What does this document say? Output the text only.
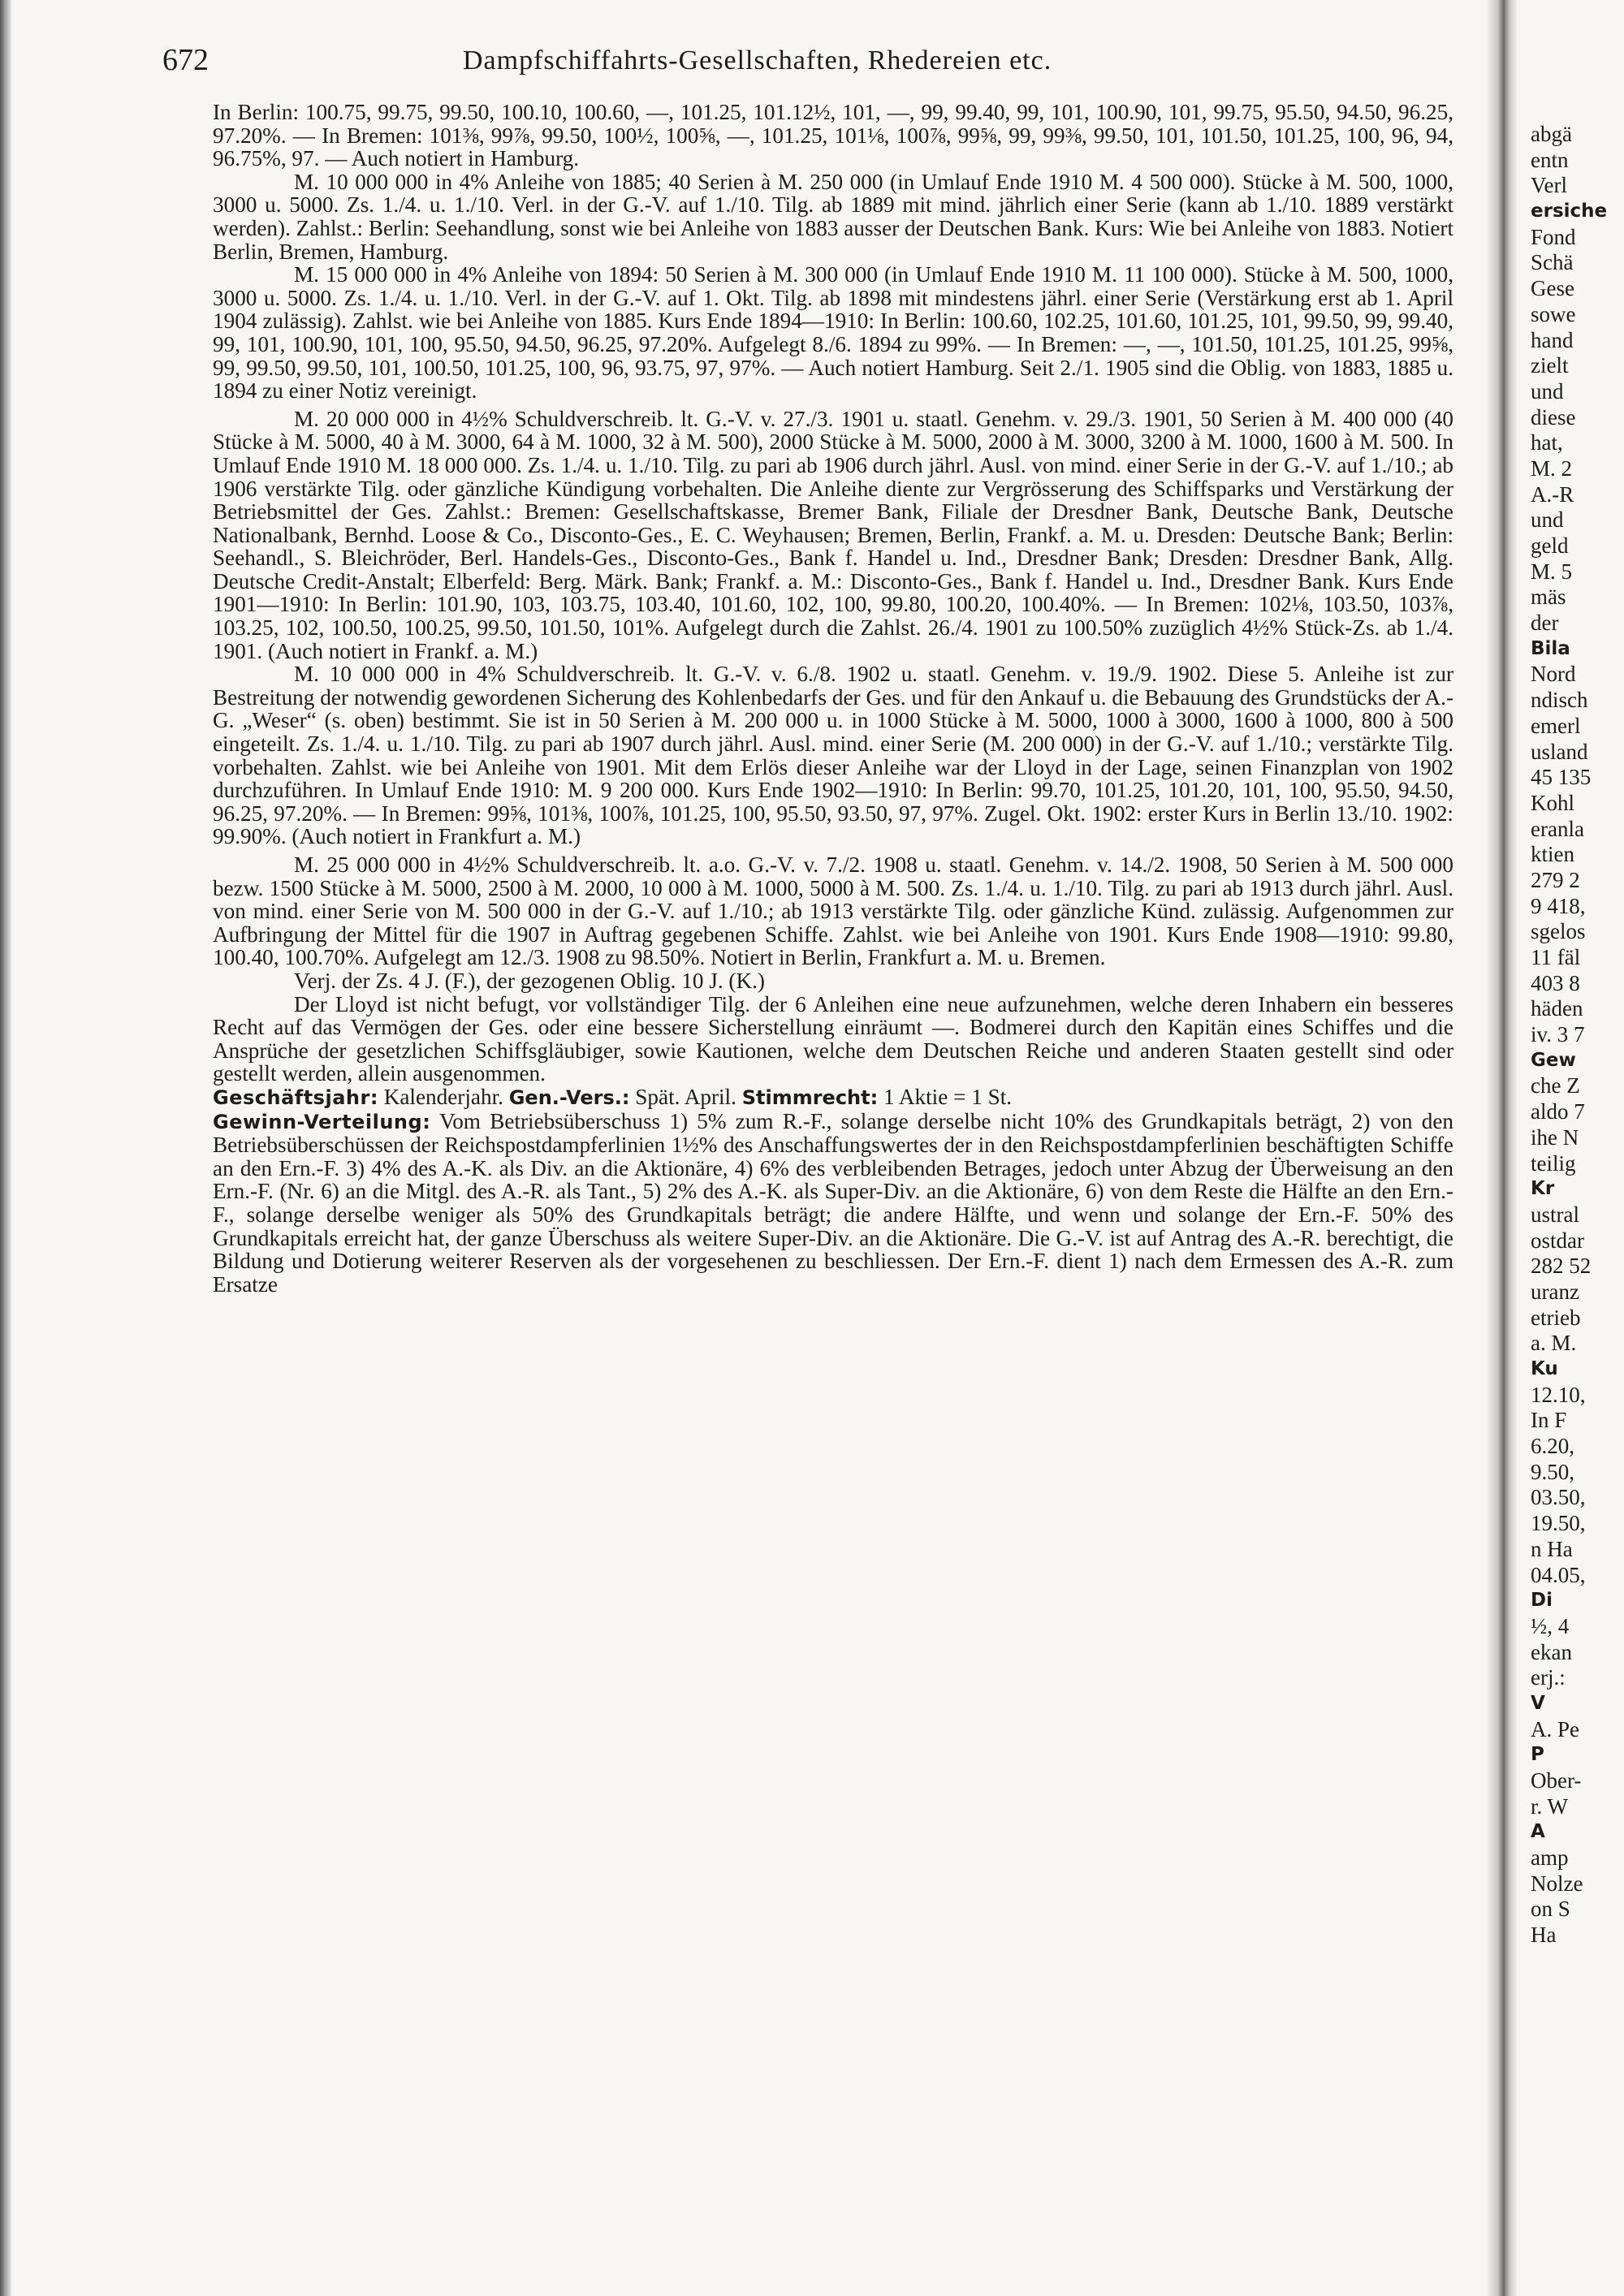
672	Dampfschiffahrts-Gesellschaften, Rhedereien etc.

In Berlin: 100.75, 99.75, 99.50, 100.10, 100.60, —, 101.25, 101.12½, 101, —, 99, 99.40, 99, 101, 100.90, 101, 99.75, 95.50, 94.50, 96.25, 97.20%. — In Bremen: 101⅜, 99⅞, 99.50, 100½, 100⅝, —, 101.25, 101⅛, 100⅞, 99⅝, 99, 99⅜, 99.50, 101, 101.50, 101.25, 100, 96, 94, 96.75%, 97. — Auch notiert in Hamburg.

M. 10 000 000 in 4% Anleihe von 1885; 40 Serien à M. 250 000 (in Umlauf Ende 1910 M. 4 500 000). Stücke à M. 500, 1000, 3000 u. 5000. Zs. 1./4. u. 1./10. Verl. in der G.-V. auf 1./10. Tilg. ab 1889 mit mind. jährlich einer Serie (kann ab 1./10. 1889 verstärkt werden). Zahlst.: Berlin: Seehandlung, sonst wie bei Anleihe von 1883 ausser der Deutschen Bank. Kurs: Wie bei Anleihe von 1883. Notiert Berlin, Bremen, Hamburg.

M. 15 000 000 in 4% Anleihe von 1894: 50 Serien à M. 300 000 (in Umlauf Ende 1910 M. 11 100 000). Stücke à M. 500, 1000, 3000 u. 5000. Zs. 1./4. u. 1./10. Verl. in der G.-V. auf 1. Okt. Tilg. ab 1898 mit mindestens jährl. einer Serie (Verstärkung erst ab 1. April 1904 zulässig). Zahlst. wie bei Anleihe von 1885. Kurs Ende 1894—1910: In Berlin: 100.60, 102.25, 101.60, 101.25, 101, 99.50, 99, 99.40, 99, 101, 100.90, 101, 100, 95.50, 94.50, 96.25, 97.20%. Aufgelegt 8./6. 1894 zu 99%. — In Bremen: —, —, 101.50, 101.25, 101.25, 99⅝, 99, 99.50, 99.50, 101, 100.50, 101.25, 100, 96, 93.75, 97, 97%. — Auch notiert Hamburg. Seit 2./1. 1905 sind die Oblig. von 1883, 1885 u. 1894 zu einer Notiz vereinigt.

M. 20 000 000 in 4½% Schuldverschreib. lt. G.-V. v. 27./3. 1901 u. staatl. Genehm. v. 29./3. 1901, 50 Serien à M. 400 000 (40 Stücke à M. 5000, 40 à M. 3000, 64 à M. 1000, 32 à M. 500), 2000 Stücke à M. 5000, 2000 à M. 3000, 3200 à M. 1000, 1600 à M. 500. In Umlauf Ende 1910 M. 18 000 000. Zs. 1./4. u. 1./10. Tilg. zu pari ab 1906 durch jährl. Ausl. von mind. einer Serie in der G.-V. auf 1./10.; ab 1906 verstärkte Tilg. oder gänzliche Kündigung vorbehalten. Die Anleihe diente zur Vergrösserung des Schiffsparks und Verstärkung der Betriebsmittel der Ges. Zahlst.: Bremen: Gesellschaftskasse, Bremer Bank, Filiale der Dresdner Bank, Deutsche Bank, Deutsche Nationalbank, Bernhd. Loose & Co., Disconto-Ges., E. C. Weyhausen; Bremen, Berlin, Frankf. a. M. u. Dresden: Deutsche Bank; Berlin: Seehandl., S. Bleichröder, Berl. Handels-Ges., Disconto-Ges., Bank f. Handel u. Ind., Dresdner Bank; Dresden: Dresdner Bank, Allg. Deutsche Credit-Anstalt; Elberfeld: Berg. Märk. Bank; Frankf. a. M.: Disconto-Ges., Bank f. Handel u. Ind., Dresdner Bank. Kurs Ende 1901—1910: In Berlin: 101.90, 103, 103.75, 103.40, 101.60, 102, 100, 99.80, 100.20, 100.40%. — In Bremen: 102⅛, 103.50, 103⅞, 103.25, 102, 100.50, 100.25, 99.50, 101.50, 101%. Aufgelegt durch die Zahlst. 26./4. 1901 zu 100.50% zuzüglich 4½% Stück-Zs. ab 1./4. 1901. (Auch notiert in Frankf. a. M.)

M. 10 000 000 in 4% Schuldverschreib. lt. G.-V. v. 6./8. 1902 u. staatl. Genehm. v. 19./9. 1902. Diese 5. Anleihe ist zur Bestreitung der notwendig gewordenen Sicherung des Kohlenbedarfs der Ges. und für den Ankauf u. die Bebauung des Grundstücks der A.-G. „Weser“ (s. oben) bestimmt. Sie ist in 50 Serien à M. 200 000 u. in 1000 Stücke à M. 5000, 1000 à 3000, 1600 à 1000, 800 à 500 eingeteilt. Zs. 1./4. u. 1./10. Tilg. zu pari ab 1907 durch jährl. Ausl. mind. einer Serie (M. 200 000) in der G.-V. auf 1./10.; verstärkte Tilg. vorbehalten. Zahlst. wie bei Anleihe von 1901. Mit dem Erlös dieser Anleihe war der Lloyd in der Lage, seinen Finanzplan von 1902 durchzuführen. In Umlauf Ende 1910: M. 9 200 000. Kurs Ende 1902—1910: In Berlin: 99.70, 101.25, 101.20, 101, 100, 95.50, 94.50, 96.25, 97.20%. — In Bremen: 99⅝, 101⅜, 100⅞, 101.25, 100, 95.50, 93.50, 97, 97%. Zugel. Okt. 1902: erster Kurs in Berlin 13./10. 1902: 99.90%. (Auch notiert in Frankfurt a. M.)

M. 25 000 000 in 4½% Schuldverschreib. lt. a.o. G.-V. v. 7./2. 1908 u. staatl. Genehm. v. 14./2. 1908, 50 Serien à M. 500 000 bezw. 1500 Stücke à M. 5000, 2500 à M. 2000, 10 000 à M. 1000, 5000 à M. 500. Zs. 1./4. u. 1./10. Tilg. zu pari ab 1913 durch jährl. Ausl. von mind. einer Serie von M. 500 000 in der G.-V. auf 1./10.; ab 1913 verstärkte Tilg. oder gänzliche Künd. zulässig. Aufgenommen zur Aufbringung der Mittel für die 1907 in Auftrag gegebenen Schiffe. Zahlst. wie bei Anleihe von 1901. Kurs Ende 1908—1910: 99.80, 100.40, 100.70%. Aufgelegt am 12./3. 1908 zu 98.50%. Notiert in Berlin, Frankfurt a. M. u. Bremen.

Verj. der Zs. 4 J. (F.), der gezogenen Oblig. 10 J. (K.)

Der Lloyd ist nicht befugt, vor vollständiger Tilg. der 6 Anleihen eine neue aufzunehmen, welche deren Inhabern ein besseres Recht auf das Vermögen der Ges. oder eine bessere Sicherstellung einräumt —. Bodmerei durch den Kapitän eines Schiffes und die Ansprüche der gesetzlichen Schiffsgläubiger, sowie Kautionen, welche dem Deutschen Reiche und anderen Staaten gestellt sind oder gestellt werden, allein ausgenommen.

Geschäftsjahr: Kalenderjahr. Gen.-Vers.: Spät. April. Stimmrecht: 1 Aktie = 1 St.

Gewinn-Verteilung: Vom Betriebsüberschuss 1) 5% zum R.-F., solange derselbe nicht 10% des Grundkapitals beträgt, 2) von den Betriebsüberschüssen der Reichspostdampferlinien 1½% des Anschaffungswertes der in den Reichspostdampferlinien beschäftigten Schiffe an den Ern.-F. 3) 4% des A.-K. als Div. an die Aktionäre, 4) 6% des verbleibenden Betrages, jedoch unter Abzug der Überweisung an den Ern.-F. (Nr. 6) an die Mitgl. des A.-R. als Tant., 5) 2% des A.-K. als Super-Div. an die Aktionäre, 6) von dem Reste die Hälfte an den Ern.-F., solange derselbe weniger als 50% des Grundkapitals beträgt; die andere Hälfte, und wenn und solange der Ern.-F. 50% des Grundkapitals erreicht hat, der ganze Überschuss als weitere Super-Div. an die Aktionäre. Die G.-V. ist auf Antrag des A.-R. berechtigt, die Bildung und Dotierung weiterer Reserven als der vorgesehenen zu beschliessen. Der Ern.-F. dient 1) nach dem Ermessen des A.-R. zum Ersatze

abgä
entn
Verl
ersiche
Fond
Schä
Gese
sowe
hand
zielt
und
diese
hat,
M. 2
A.-R
und
geld
M. 5
mäs
der
Bila
Nord
ndisch
emerl
usland
45 135
Kohl
eranla
ktien
279 2
9 418,
sgelos
11 fäl
403 8
häden
iv. 3 7
Gew
che Z
aldo 7
ihe N
teilig
Kr
ustral
ostdar
282 52
uranz
etrieb
a. M.
Ku
12.10,
In F
6.20,
9.50,
03.50,
19.50,
n Ha
04.05,
Di
½, 4
ekan
erj.:
V
A. Pe
P
Ober-
r. W
A
amp
Nolze
on S
Ha
